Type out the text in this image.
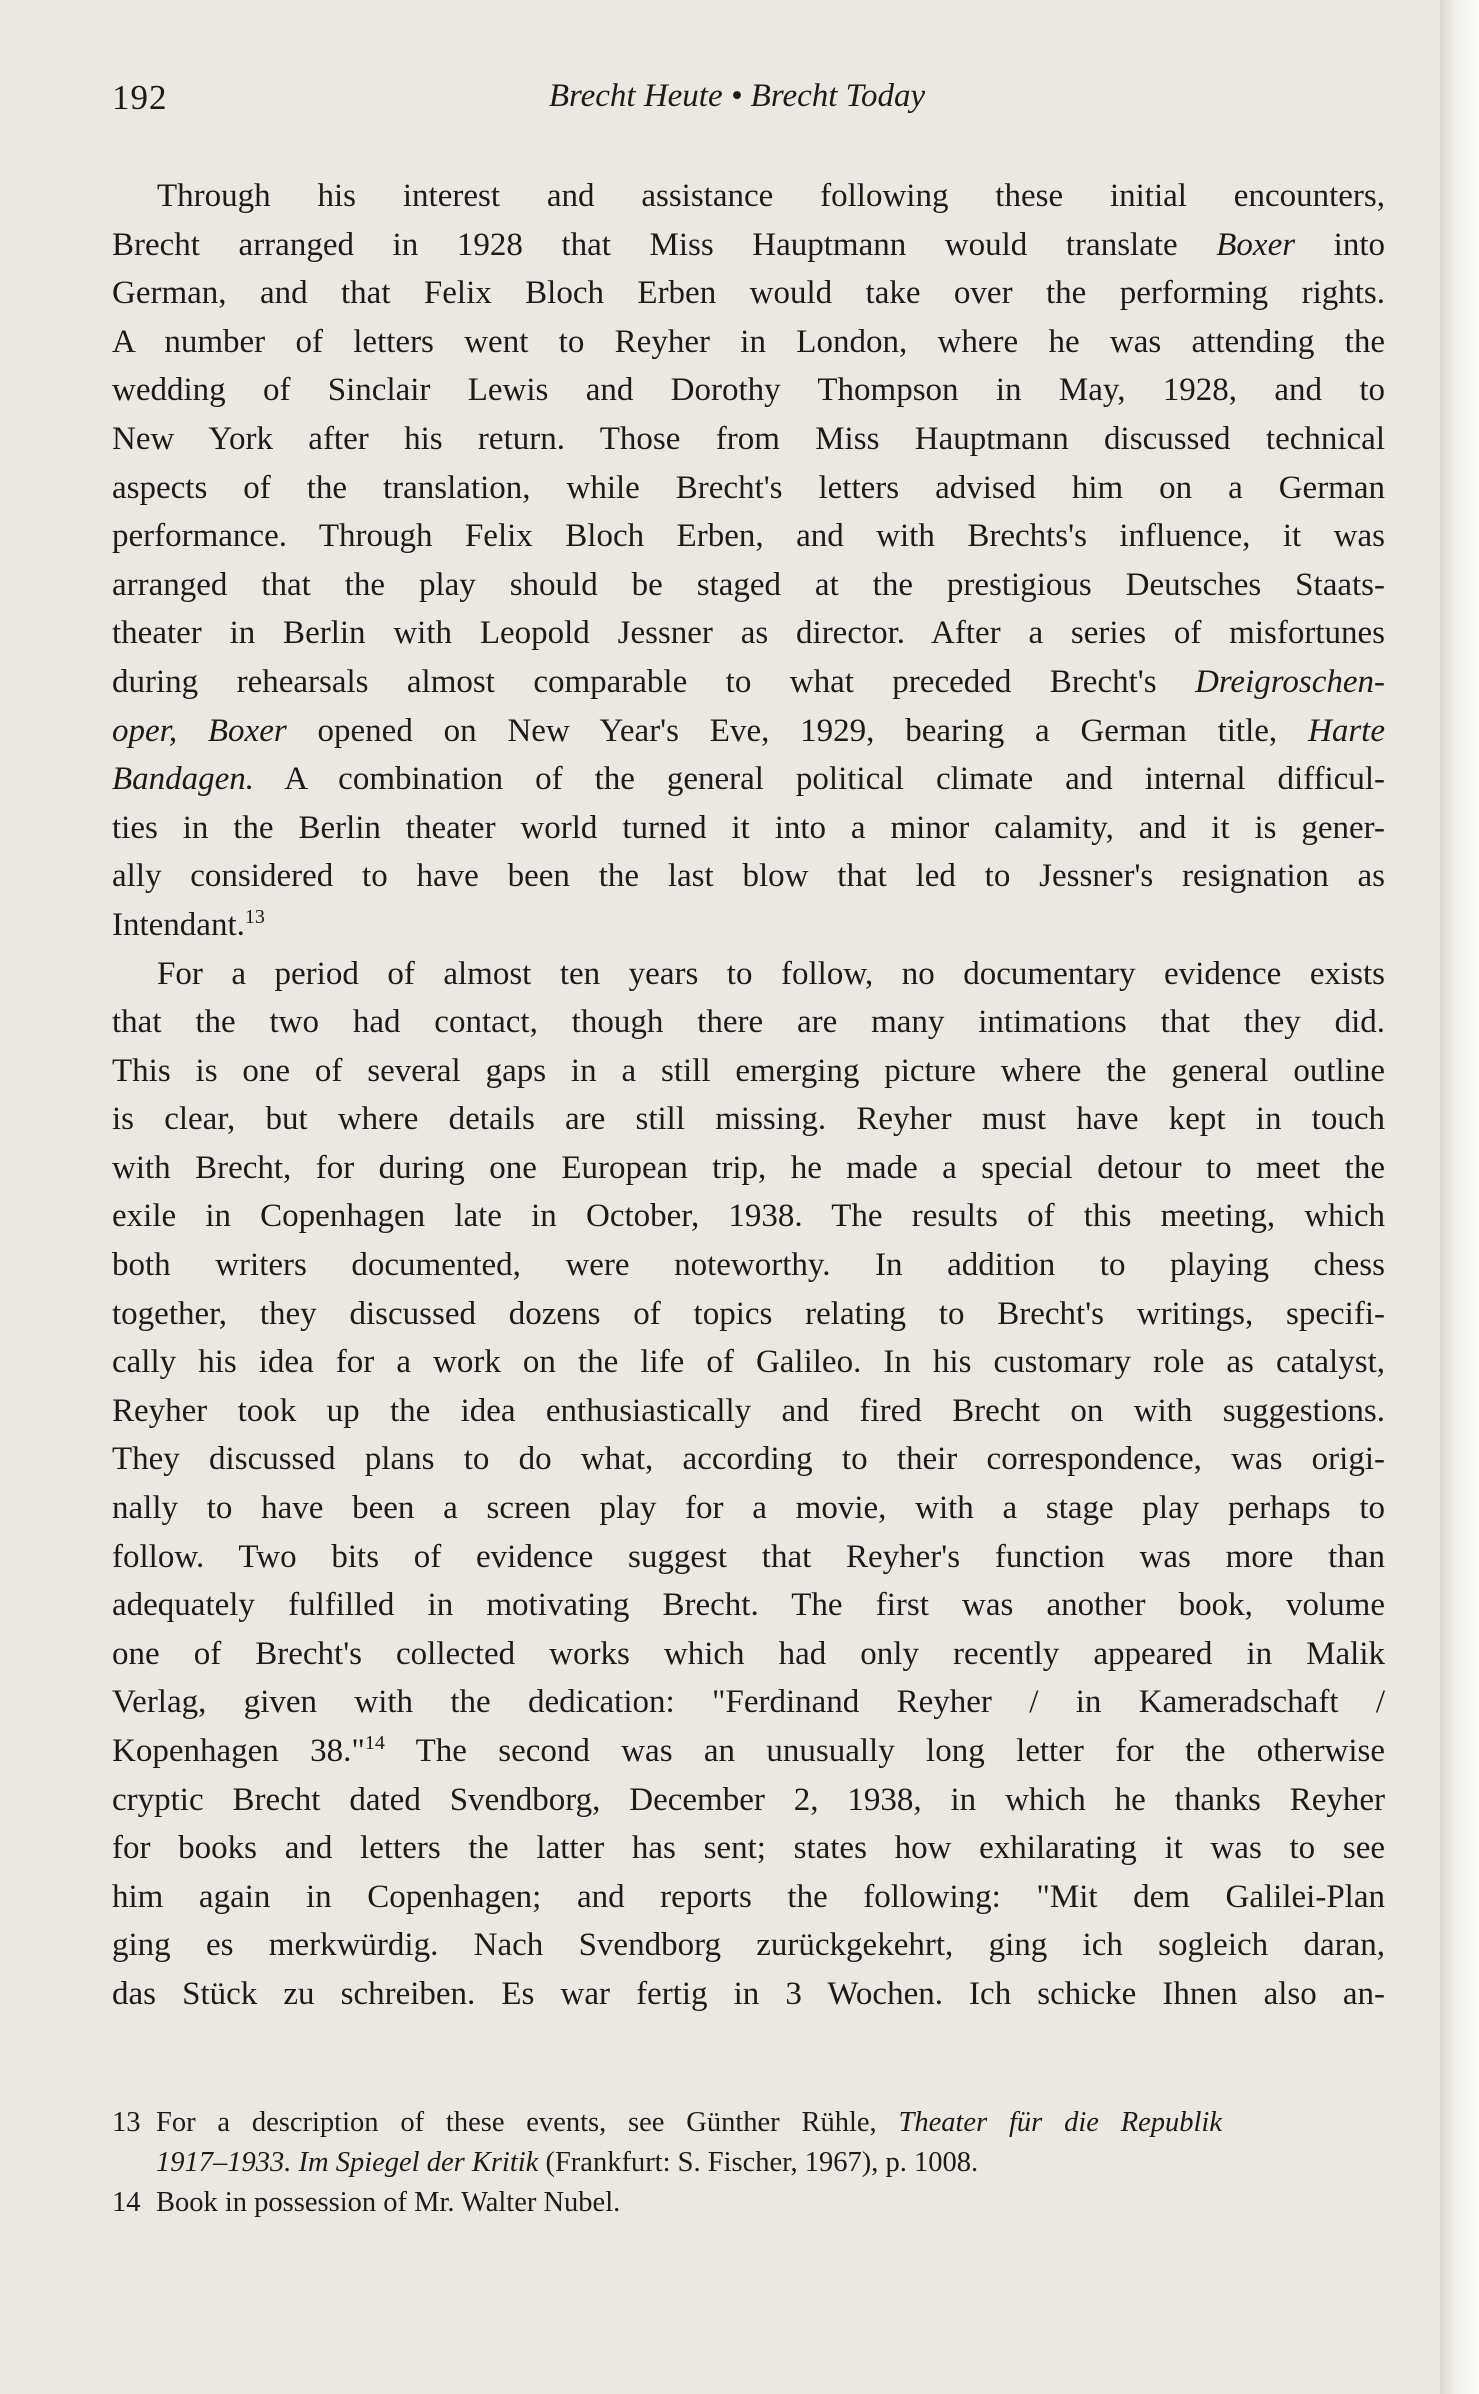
192	Brecht Heute • Brecht Today
Through his interest and assistance following these initial encounters,
Brecht arranged in 1928 that Miss Hauptmann would translate Boxer into
German, and that Felix Bloch Erben would take over the performing rights.
A number of letters went to Reyher in London, where he was attending the
wedding of Sinclair Lewis and Dorothy Thompson in May, 1928, and to
New York after his return. Those from Miss Hauptmann discussed technical
aspects of the translation, while Brecht's letters advised him on a German
performance. Through Felix Bloch Erben, and with Brechts's influence, it was
arranged that the play should be staged at the prestigious Deutsches Staats-
theater in Berlin with Leopold Jessner as director. After a series of misfortunes
during rehearsals almost comparable to what preceded Brecht's Dreigroschen-
oper, Boxer opened on New Year's Eve, 1929, bearing a German title, Harte
Bandagen. A combination of the general political climate and internal difficul-
ties in the Berlin theater world turned it into a minor calamity, and it is gener-
ally considered to have been the last blow that led to Jessner's resignation as
Intendant.$^{13}$
For a period of almost ten years to follow, no documentary evidence exists
that the two had contact, though there are many intimations that they did.
This is one of several gaps in a still emerging picture where the general outline
is clear, but where details are still missing. Reyher must have kept in touch
with Brecht, for during one European trip, he made a special detour to meet the
exile in Copenhagen late in October, 1938. The results of this meeting, which
both writers documented, were noteworthy. In addition to playing chess
together, they discussed dozens of topics relating to Brecht's writings, specifi-
cally his idea for a work on the life of Galileo. In his customary role as catalyst,
Reyher took up the idea enthusiastically and fired Brecht on with suggestions.
They discussed plans to do what, according to their correspondence, was origi-
nally to have been a screen play for a movie, with a stage play perhaps to
follow. Two bits of evidence suggest that Reyher's function was more than
adequately fulfilled in motivating Brecht. The first was another book, volume
one of Brecht's collected works which had only recently appeared in Malik
Verlag, given with the dedication: "Ferdinand Reyher / in Kameradschaft /
Kopenhagen 38."$^{14}$ The second was an unusually long letter for the otherwise
cryptic Brecht dated Svendborg, December 2, 1938, in which he thanks Reyher
for books and letters the latter has sent; states how exhilarating it was to see
him again in Copenhagen; and reports the following: "Mit dem Galilei-Plan
ging es merkwürdig. Nach Svendborg zurückgekehrt, ging ich sogleich daran,
das Stück zu schreiben. Es war fertig in 3 Wochen. Ich schicke Ihnen also an-
13 For a description of these events, see Günther Rühle, Theater für die Republik
1917–1933. Im Spiegel der Kritik (Frankfurt: S. Fischer, 1967), p. 1008.
14 Book in possession of Mr. Walter Nubel.
